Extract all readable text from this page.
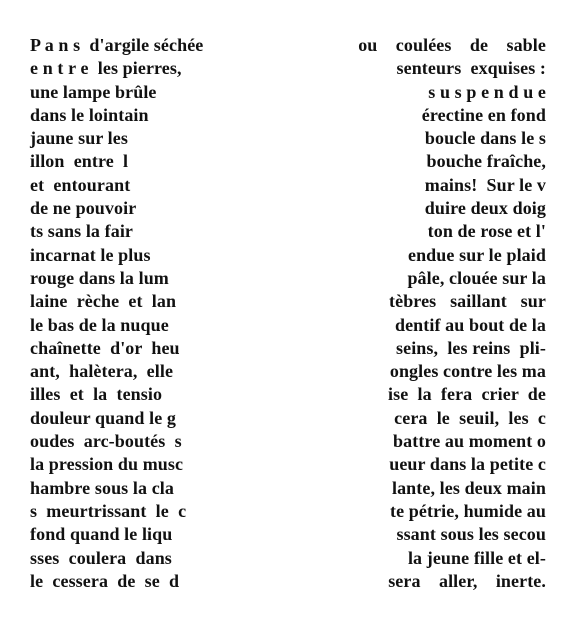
P a n s  d'argile séchée
e n t r e  les pierres,
une lampe brûle
dans le lointain
jaune sur les
illon  entre  l
et  entourant
de ne pouvoir
ts sans la fair
incarnat le plus
rouge dans la lum
laine  rèche  et  lan
le bas de la nuque
chaînette  d'or  heu
ant,  halètera,  elle
illes  et  la  tensio
douleur quand le g
oudes  arc-boutés  s
la pression du musc
hambre sous la cla
s  meurtrissant  le  c
fond quand le liqu
sses  coulera  dans
le  cessera  de  se  d
ou    coulées    de    sable
senteurs  exquises :
s u s p e n d u e
érectine en fond
boucle dans le s
bouche fraîche,
mains!  Sur le v
duire deux doig
ton de rose et l'
endue sur le plaid
pâle, clouée sur la
tèbres   saillant   sur
dentif au bout de la
seins,  les reins  pli-
ongles contre les ma
ise  la  fera  crier  de
cera  le  seuil,  les  c
battre au moment o
ueur dans la petite c
lante, les deux main
te pétrie, humide au
ssant sous les secou
la jeune fille et el-
sera    aller,    inerte.
